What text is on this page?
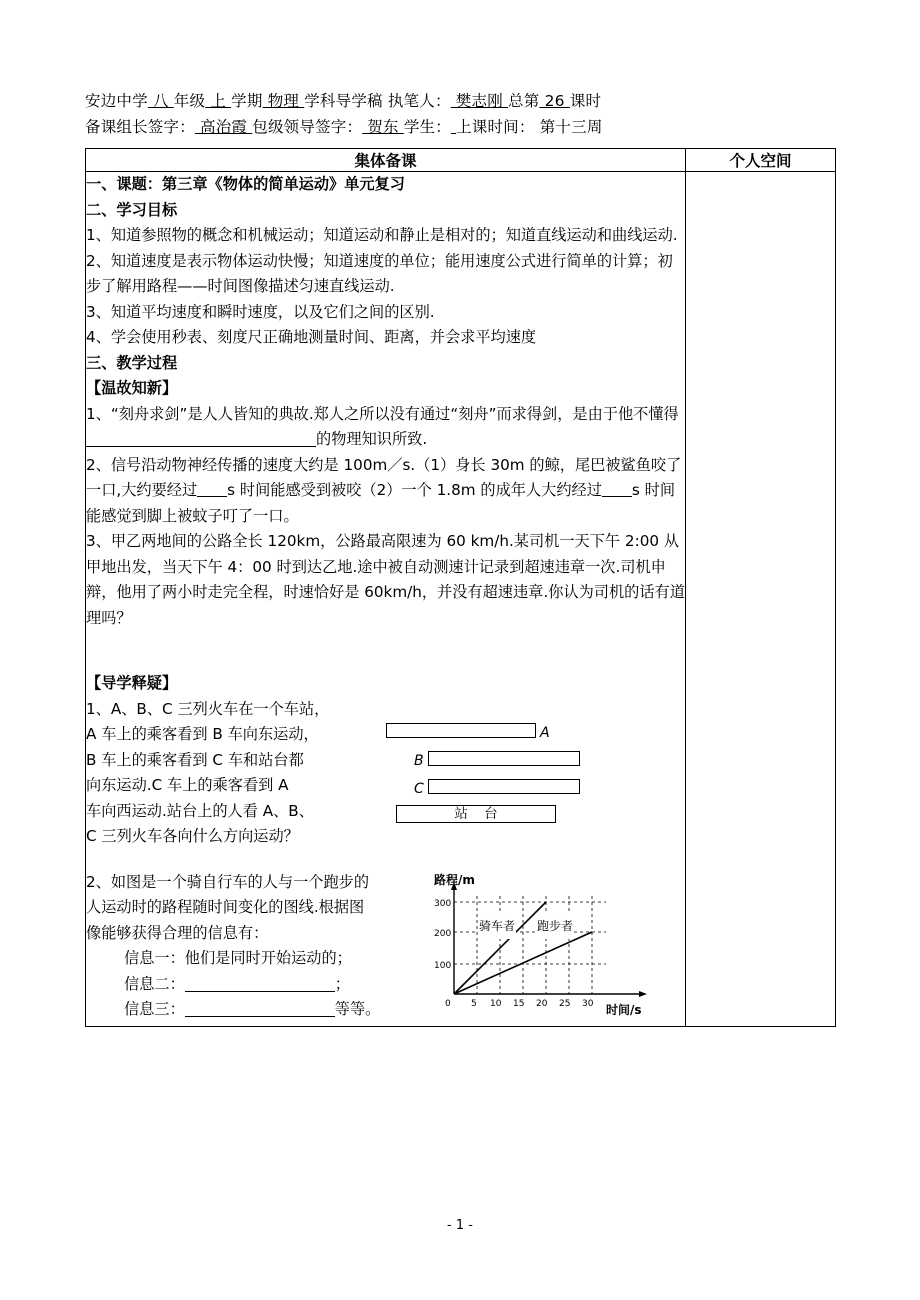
安边中学 八 年级 上 学期 物理 学科导学稿 执笔人： 樊志刚 总第 26 课时
备课组长签字： 高治霞 包级领导签字： 贺东 学生： 上课时间： 第十三周
集体备课	个人空间

一、课题：第三章《物体的简单运动》单元复习

二、学习目标

1、知道参照物的概念和机械运动；知道运动和静止是相对的；知道直线运动和曲线运动.

2、知道速度是表示物体运动快慢；知道速度的单位；能用速度公式进行简单的计算；初步了解用路程——时间图像描述匀速直线运动.

3、知道平均速度和瞬时速度，以及它们之间的区别.

4、学会使用秒表、刻度尺正确地测量时间、距离，并会求平均速度

三、教学过程

【温故知新】

1、“刻舟求剑”是人人皆知的典故.郑人之所以没有通过“刻舟”而求得剑，是由于他不懂得的物理知识所致.

2、信号沿动物神经传播的速度大约是 100m／s.（1）身长 30m 的鲸，尾巴被鲨鱼咬了一口,大约要经过 s 时间能感受到被咬（2）一个 1.8m 的成年人大约经过 s 时间能感觉到脚上被蚊子叮了一口。

3、甲乙两地间的公路全长 120km，公路最高限速为 60 km/h.某司机一天下午 2:00 从甲地出发，当天下午 4：00 时到达乙地.途中被自动测速计记录到超速违章一次.司机申辩，他用了两小时走完全程，时速恰好是 60km/h，并没有超速违章.你认为司机的话有道理吗？

【导学释疑】

1、A、B、C 三列火车在一个车站，

A 车上的乘客看到 B 车向东运动，

B 车上的乘客看到 C 车和站台都

向东运动.C 车上的乘客看到 A

车向西运动.站台上的人看 A、B、

C 三列火车各向什么方向运动？

A
B
C
站 台

2、如图是一个骑自行车的人与一个跑步的

人运动时的路程随时间变化的图线.根据图

像能够获得合理的信息有：

信息一：他们是同时开始运动的；

信息二：	；

信息三：	等等。

300
200
100
0 5 10 15 20 25 30
路程/m
时间/s
骑车者 跑步者

- 1 -
